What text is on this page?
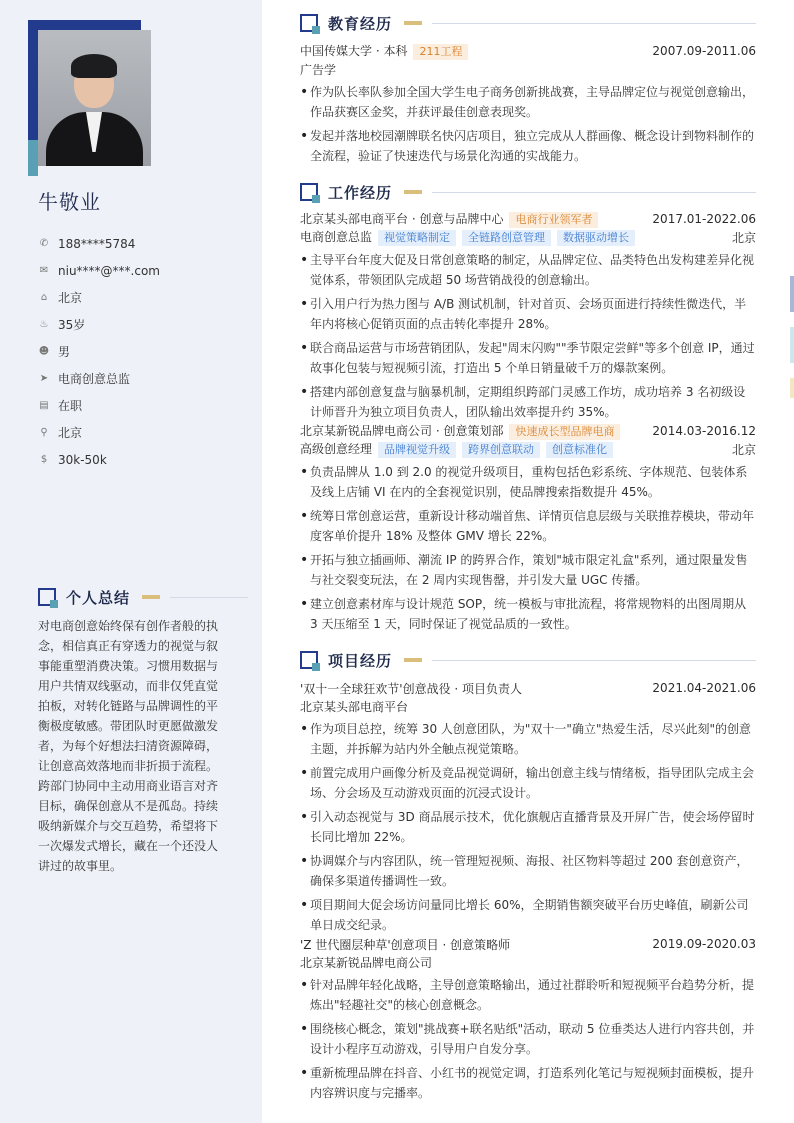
牛敬业
✆ 188****5784
✉ niu****@***.com
⌂ 北京
♨ 35岁
☻ 男
➤ 电商创意总监
▤ 在职
⚲ 北京
$ 30k-50k
个人总结
对电商创意始终保有创作者般的执念，相信真正有穿透力的视觉与叙事能重塑消费决策。习惯用数据与用户共情双线驱动，而非仅凭直觉拍板，对转化链路与品牌调性的平衡极度敏感。带团队时更愿做激发者，为每个好想法扫清资源障碍，让创意高效落地而非折损于流程。跨部门协同中主动用商业语言对齐目标，确保创意从不是孤岛。持续吸纳新媒介与交互趋势，希望将下一次爆发式增长，藏在一个还没人讲过的故事里。
教育经历
中国传媒大学 · 本科 211工程	2007.09-2011.06
广告学
• 作为队长率队参加全国大学生电子商务创新挑战赛，主导品牌定位与视觉创意输出，作品获赛区金奖，并获评最佳创意表现奖。
• 发起并落地校园潮牌联名快闪店项目，独立完成从人群画像、概念设计到物料制作的全流程，验证了快速迭代与场景化沟通的实战能力。
工作经历
北京某头部电商平台 · 创意与品牌中心 电商行业领军者	2017.01-2022.06
电商创意总监 视觉策略制定 全链路创意管理 数据驱动增长	北京
• 主导平台年度大促及日常创意策略的制定，从品牌定位、品类特色出发构建差异化视觉体系，带领团队完成超 50 场营销战役的创意输出。
• 引入用户行为热力图与 A/B 测试机制，针对首页、会场页面进行持续性微迭代，半年内将核心促销页面的点击转化率提升 28%。
• 联合商品运营与市场营销团队，发起"周末闪购""季节限定尝鲜"等多个创意 IP，通过故事化包装与短视频引流，打造出 5 个单日销量破千万的爆款案例。
• 搭建内部创意复盘与脑暴机制，定期组织跨部门灵感工作坊，成功培养 3 名初级设计师晋升为独立项目负责人，团队输出效率提升约 35%。
北京某新锐品牌电商公司 · 创意策划部 快速成长型品牌电商	2014.03-2016.12
高级创意经理 品牌视觉升级 跨界创意联动 创意标准化	北京
• 负责品牌从 1.0 到 2.0 的视觉升级项目，重构包括色彩系统、字体规范、包装体系及线上店铺 VI 在内的全套视觉识别，使品牌搜索指数提升 45%。
• 统筹日常创意运营，重新设计移动端首焦、详情页信息层级与关联推荐模块，带动年度客单价提升 18% 及整体 GMV 增长 22%。
• 开拓与独立插画师、潮流 IP 的跨界合作，策划"城市限定礼盒"系列，通过限量发售与社交裂变玩法，在 2 周内实现售罄，并引发大量 UGC 传播。
• 建立创意素材库与设计规范 SOP，统一模板与审批流程，将常规物料的出图周期从 3 天压缩至 1 天，同时保证了视觉品质的一致性。
项目经历
'双十一全球狂欢节'创意战役 · 项目负责人	2021.04-2021.06
北京某头部电商平台
• 作为项目总控，统筹 30 人创意团队，为"双十一"确立"热爱生活，尽兴此刻"的创意主题，并拆解为站内外全触点视觉策略。
• 前置完成用户画像分析及竞品视觉调研，输出创意主线与情绪板，指导团队完成主会场、分会场及互动游戏页面的沉浸式设计。
• 引入动态视觉与 3D 商品展示技术，优化旗舰店直播背景及开屏广告，使会场停留时长同比增加 22%。
• 协调媒介与内容团队，统一管理短视频、海报、社区物料等超过 200 套创意资产，确保多渠道传播调性一致。
• 项目期间大促会场访问量同比增长 60%，全期销售额突破平台历史峰值，刷新公司单日成交纪录。
'Z 世代圈层种草'创意项目 · 创意策略师	2019.09-2020.03
北京某新锐品牌电商公司
• 针对品牌年轻化战略，主导创意策略输出，通过社群聆听和短视频平台趋势分析，提炼出"轻趣社交"的核心创意概念。
• 围绕核心概念，策划"挑战赛+联名贴纸"活动，联动 5 位垂类达人进行内容共创，并设计小程序互动游戏，引导用户自发分享。
• 重新梳理品牌在抖音、小红书的视觉定调，打造系列化笔记与短视频封面模板，提升内容辨识度与完播率。
